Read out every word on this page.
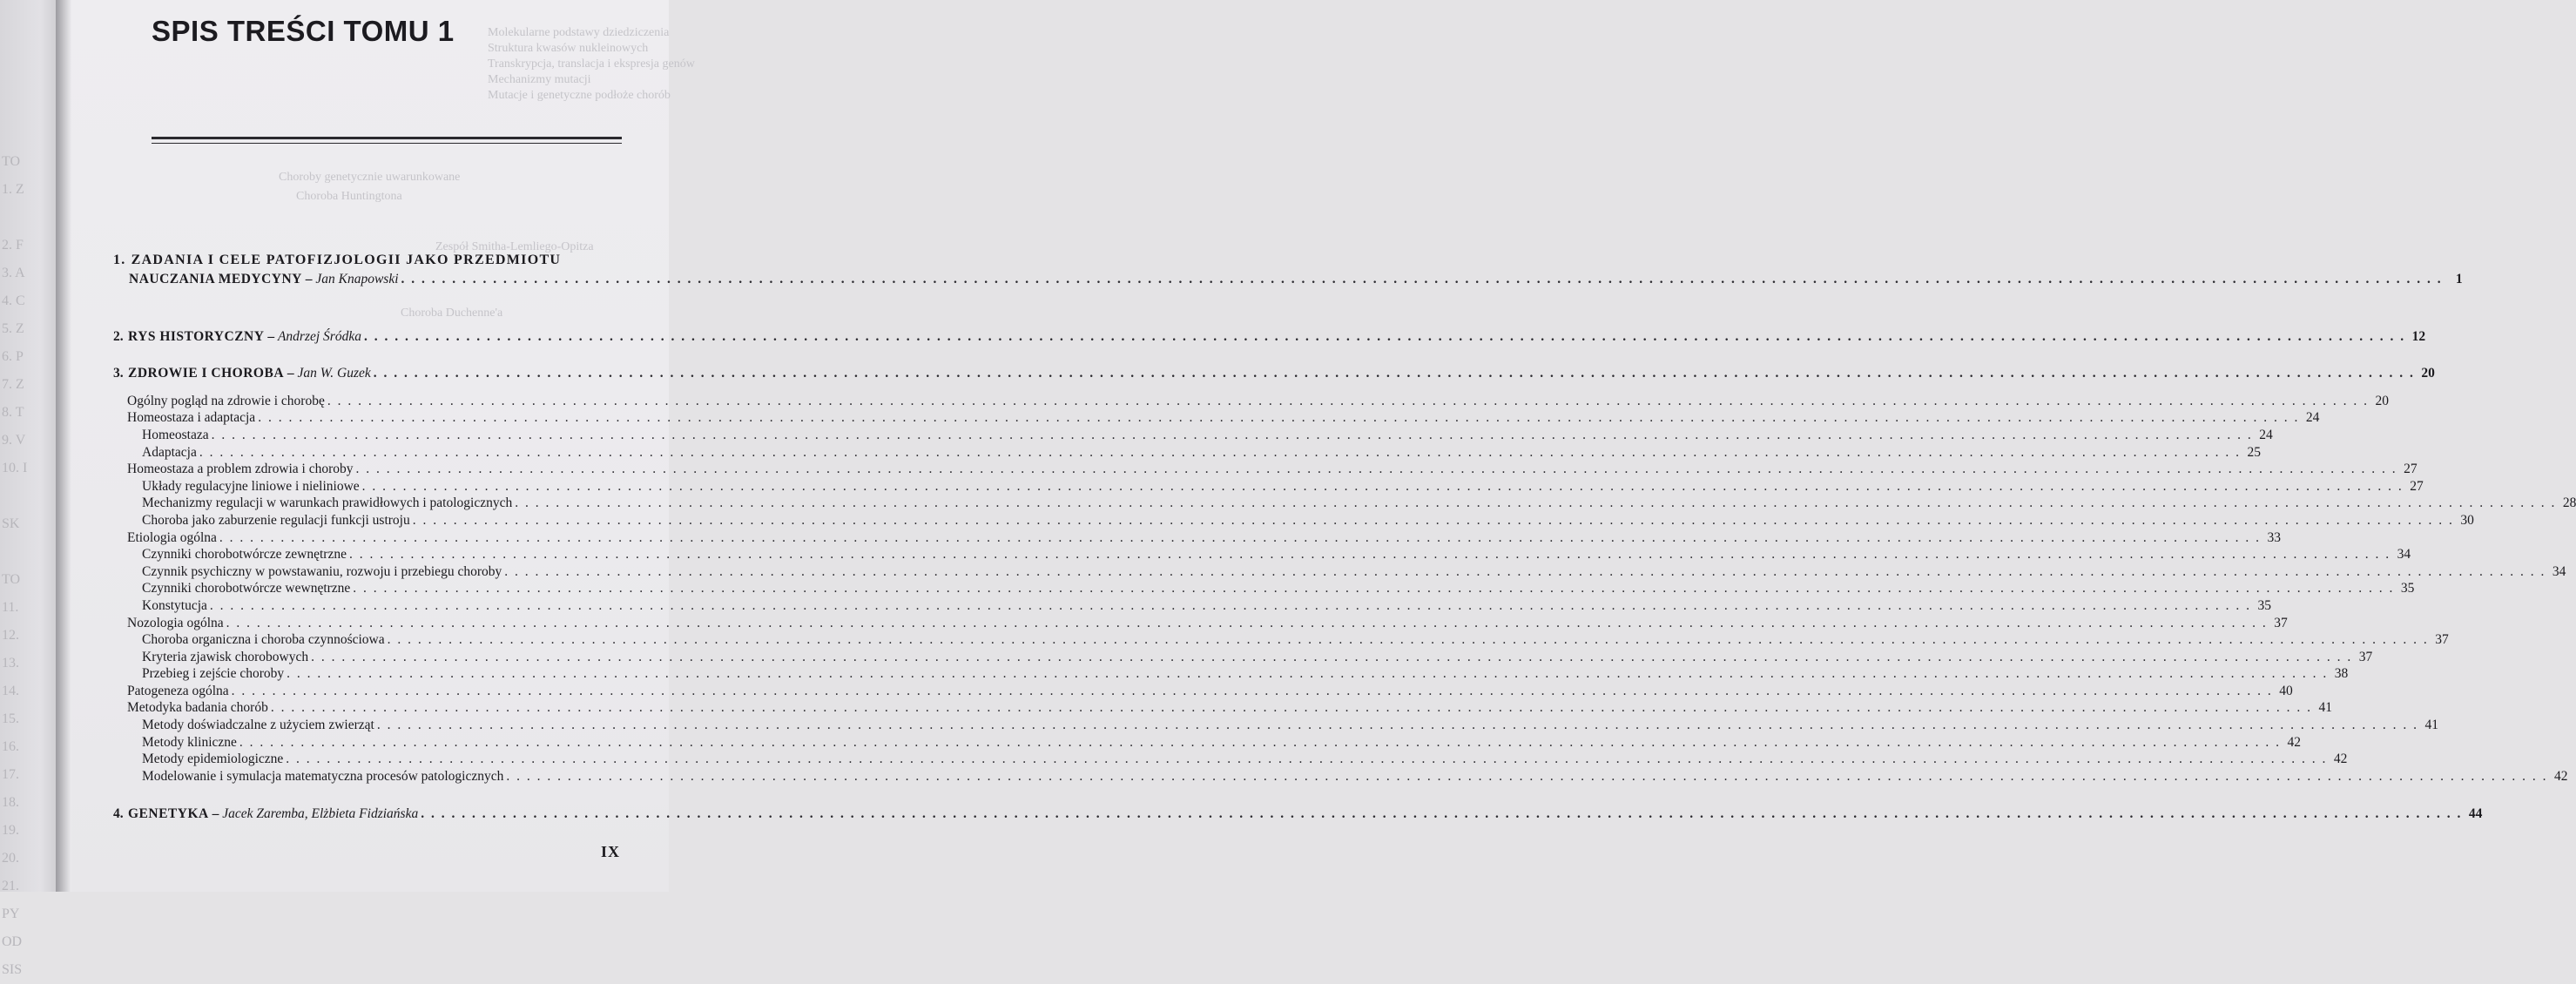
TO
1. Z
2. F
3. A
4. C
5. Z
6. P
7. Z
8. T
9. V
10. I
SK
TO
11.
12.
13.
14.
15.
16.
17.
18.
19.
20.
21.
PY
OD
SIS
Molekularne podstawy dziedziczenia
Struktura kwasów nukleinowych
Transkrypcja, translacja i ekspresja genów
Mechanizmy mutacji
Mutacje i genetyczne podłoże chorób
Choroby genetycznie uwarunkowane
Choroba Huntingtona
Zespół Smitha-Lemliego-Opitza
Choroba Duchenne'a
SPIS TREŚCI TOMU 1
1. ZADANIA I CELE PATOFIZJOLOGII JAKO PRZEDMIOTU
NAUCZANIA MEDYCYNY – Jan Knapowski . . . . . . . . . . . . . . . . . . . . . . . . . . . . . . . . . . . . . . . . . . . . . . . . . . . . . . . . . . . . . . . . . . . . . . . . . . . . . . . . . . . . . . . . . . . . . . . . . . . . . . . . . . . . . . . . . . . . . . . . . . . . . . . . . . . . . . . . . . . . . . . . . . . . . . . . . . . . . . . . . . . . . . . . . . . . . . . . . . . . . . . . . . . . . . . . . . . . . . . . 1
2. RYS HISTORYCZNY – Andrzej Śródka . . . . . . . . . . . . . . . . . . . . . . . . . . . . . . . . . . . . . . . . . . . . . . . . . . . . . . . . . . . . . . . . . . . . . . . . . . . . . . . . . . . . . . . . . . . . . . . . . . . . . . . . . . . . . . . . . . . . . . . . . . . . . . . . . . . . . . . . . . . . . . . . . . . . . . . . . . . . . . . . . . . . . . . . . . . . . . . . . . . . . . . . . . . . . . . . . . . . . . . . 12
3. ZDROWIE I CHOROBA – Jan W. Guzek . . . . . . . . . . . . . . . . . . . . . . . . . . . . . . . . . . . . . . . . . . . . . . . . . . . . . . . . . . . . . . . . . . . . . . . . . . . . . . . . . . . . . . . . . . . . . . . . . . . . . . . . . . . . . . . . . . . . . . . . . . . . . . . . . . . . . . . . . . . . . . . . . . . . . . . . . . . . . . . . . . . . . . . . . . . . . . . . . . . . . . . . . . . . . . . . . . . . . . . . 20
Ogólny pogląd na zdrowie i chorobę . . . . . . . . . . . . . . . . . . . . . . . . . . . . . . . . . . . . . . . . . . . . . . . . . . . . . . . . . . . . . . . . . . . . . . . . . . . . . . . . . . . . . . . . . . . . . . . . . . . . . . . . . . . . . . . . . . . . . . . . . . . . . . . . . . . . . . . . . . . . . . . . . . . . . . . . . . . . . . . . . . . . . . . . . . . . . . . . . . . . . . . . . . . . . . . . . . . . . . . . 20
Homeostaza i adaptacja . . . . . . . . . . . . . . . . . . . . . . . . . . . . . . . . . . . . . . . . . . . . . . . . . . . . . . . . . . . . . . . . . . . . . . . . . . . . . . . . . . . . . . . . . . . . . . . . . . . . . . . . . . . . . . . . . . . . . . . . . . . . . . . . . . . . . . . . . . . . . . . . . . . . . . . . . . . . . . . . . . . . . . . . . . . . . . . . . . . . . . . . . . . . . . . . . . . . . . . . 24
Homeostaza . . . . . . . . . . . . . . . . . . . . . . . . . . . . . . . . . . . . . . . . . . . . . . . . . . . . . . . . . . . . . . . . . . . . . . . . . . . . . . . . . . . . . . . . . . . . . . . . . . . . . . . . . . . . . . . . . . . . . . . . . . . . . . . . . . . . . . . . . . . . . . . . . . . . . . . . . . . . . . . . . . . . . . . . . . . . . . . . . . . . . . . . . . . . . . . . . . . . . . . . 24
Adaptacja . . . . . . . . . . . . . . . . . . . . . . . . . . . . . . . . . . . . . . . . . . . . . . . . . . . . . . . . . . . . . . . . . . . . . . . . . . . . . . . . . . . . . . . . . . . . . . . . . . . . . . . . . . . . . . . . . . . . . . . . . . . . . . . . . . . . . . . . . . . . . . . . . . . . . . . . . . . . . . . . . . . . . . . . . . . . . . . . . . . . . . . . . . . . . . . . . . . . . . . . 25
Homeostaza a problem zdrowia i choroby . . . . . . . . . . . . . . . . . . . . . . . . . . . . . . . . . . . . . . . . . . . . . . . . . . . . . . . . . . . . . . . . . . . . . . . . . . . . . . . . . . . . . . . . . . . . . . . . . . . . . . . . . . . . . . . . . . . . . . . . . . . . . . . . . . . . . . . . . . . . . . . . . . . . . . . . . . . . . . . . . . . . . . . . . . . . . . . . . . . . . . . . . . . . . . . . . . . . . . . . 27
Układy regulacyjne liniowe i nieliniowe . . . . . . . . . . . . . . . . . . . . . . . . . . . . . . . . . . . . . . . . . . . . . . . . . . . . . . . . . . . . . . . . . . . . . . . . . . . . . . . . . . . . . . . . . . . . . . . . . . . . . . . . . . . . . . . . . . . . . . . . . . . . . . . . . . . . . . . . . . . . . . . . . . . . . . . . . . . . . . . . . . . . . . . . . . . . . . . . . . . . . . . . . . . . . . . . . . . . . . . . 27
Mechanizmy regulacji w warunkach prawidłowych i patologicznych . . . . . . . . . . . . . . . . . . . . . . . . . . . . . . . . . . . . . . . . . . . . . . . . . . . . . . . . . . . . . . . . . . . . . . . . . . . . . . . . . . . . . . . . . . . . . . . . . . . . . . . . . . . . . . . . . . . . . . . . . . . . . . . . . . . . . . . . . . . . . . . . . . . . . . . . . . . . . . . . . . . . . . . . . . . . . . . . . . . . . . . . . . . . . . . . . . . . . . . . 28
Choroba jako zaburzenie regulacji funkcji ustroju . . . . . . . . . . . . . . . . . . . . . . . . . . . . . . . . . . . . . . . . . . . . . . . . . . . . . . . . . . . . . . . . . . . . . . . . . . . . . . . . . . . . . . . . . . . . . . . . . . . . . . . . . . . . . . . . . . . . . . . . . . . . . . . . . . . . . . . . . . . . . . . . . . . . . . . . . . . . . . . . . . . . . . . . . . . . . . . . . . . . . . . . . . . . . . . . . . . . . . . . 30
Etiologia ogólna . . . . . . . . . . . . . . . . . . . . . . . . . . . . . . . . . . . . . . . . . . . . . . . . . . . . . . . . . . . . . . . . . . . . . . . . . . . . . . . . . . . . . . . . . . . . . . . . . . . . . . . . . . . . . . . . . . . . . . . . . . . . . . . . . . . . . . . . . . . . . . . . . . . . . . . . . . . . . . . . . . . . . . . . . . . . . . . . . . . . . . . . . . . . . . . . . . . . . . . . 33
Czynniki chorobotwórcze zewnętrzne . . . . . . . . . . . . . . . . . . . . . . . . . . . . . . . . . . . . . . . . . . . . . . . . . . . . . . . . . . . . . . . . . . . . . . . . . . . . . . . . . . . . . . . . . . . . . . . . . . . . . . . . . . . . . . . . . . . . . . . . . . . . . . . . . . . . . . . . . . . . . . . . . . . . . . . . . . . . . . . . . . . . . . . . . . . . . . . . . . . . . . . . . . . . . . . . . . . . . . . . 34
Czynnik psychiczny w powstawaniu, rozwoju i przebiegu choroby . . . . . . . . . . . . . . . . . . . . . . . . . . . . . . . . . . . . . . . . . . . . . . . . . . . . . . . . . . . . . . . . . . . . . . . . . . . . . . . . . . . . . . . . . . . . . . . . . . . . . . . . . . . . . . . . . . . . . . . . . . . . . . . . . . . . . . . . . . . . . . . . . . . . . . . . . . . . . . . . . . . . . . . . . . . . . . . . . . . . . . . . . . . . . . . . . . . . . . . . 34
Czynniki chorobotwórcze wewnętrzne . . . . . . . . . . . . . . . . . . . . . . . . . . . . . . . . . . . . . . . . . . . . . . . . . . . . . . . . . . . . . . . . . . . . . . . . . . . . . . . . . . . . . . . . . . . . . . . . . . . . . . . . . . . . . . . . . . . . . . . . . . . . . . . . . . . . . . . . . . . . . . . . . . . . . . . . . . . . . . . . . . . . . . . . . . . . . . . . . . . . . . . . . . . . . . . . . . . . . . . . 35
Konstytucja . . . . . . . . . . . . . . . . . . . . . . . . . . . . . . . . . . . . . . . . . . . . . . . . . . . . . . . . . . . . . . . . . . . . . . . . . . . . . . . . . . . . . . . . . . . . . . . . . . . . . . . . . . . . . . . . . . . . . . . . . . . . . . . . . . . . . . . . . . . . . . . . . . . . . . . . . . . . . . . . . . . . . . . . . . . . . . . . . . . . . . . . . . . . . . . . . . . . . . . . 35
Nozologia ogólna . . . . . . . . . . . . . . . . . . . . . . . . . . . . . . . . . . . . . . . . . . . . . . . . . . . . . . . . . . . . . . . . . . . . . . . . . . . . . . . . . . . . . . . . . . . . . . . . . . . . . . . . . . . . . . . . . . . . . . . . . . . . . . . . . . . . . . . . . . . . . . . . . . . . . . . . . . . . . . . . . . . . . . . . . . . . . . . . . . . . . . . . . . . . . . . . . . . . . . . . 37
Choroba organiczna i choroba czynnościowa . . . . . . . . . . . . . . . . . . . . . . . . . . . . . . . . . . . . . . . . . . . . . . . . . . . . . . . . . . . . . . . . . . . . . . . . . . . . . . . . . . . . . . . . . . . . . . . . . . . . . . . . . . . . . . . . . . . . . . . . . . . . . . . . . . . . . . . . . . . . . . . . . . . . . . . . . . . . . . . . . . . . . . . . . . . . . . . . . . . . . . . . . . . . . . . . . . . . . . . . 37
Kryteria zjawisk chorobowych . . . . . . . . . . . . . . . . . . . . . . . . . . . . . . . . . . . . . . . . . . . . . . . . . . . . . . . . . . . . . . . . . . . . . . . . . . . . . . . . . . . . . . . . . . . . . . . . . . . . . . . . . . . . . . . . . . . . . . . . . . . . . . . . . . . . . . . . . . . . . . . . . . . . . . . . . . . . . . . . . . . . . . . . . . . . . . . . . . . . . . . . . . . . . . . . . . . . . . . . 37
Przebieg i zejście choroby . . . . . . . . . . . . . . . . . . . . . . . . . . . . . . . . . . . . . . . . . . . . . . . . . . . . . . . . . . . . . . . . . . . . . . . . . . . . . . . . . . . . . . . . . . . . . . . . . . . . . . . . . . . . . . . . . . . . . . . . . . . . . . . . . . . . . . . . . . . . . . . . . . . . . . . . . . . . . . . . . . . . . . . . . . . . . . . . . . . . . . . . . . . . . . . . . . . . . . . . 38
Patogeneza ogólna . . . . . . . . . . . . . . . . . . . . . . . . . . . . . . . . . . . . . . . . . . . . . . . . . . . . . . . . . . . . . . . . . . . . . . . . . . . . . . . . . . . . . . . . . . . . . . . . . . . . . . . . . . . . . . . . . . . . . . . . . . . . . . . . . . . . . . . . . . . . . . . . . . . . . . . . . . . . . . . . . . . . . . . . . . . . . . . . . . . . . . . . . . . . . . . . . . . . . . . . 40
Metodyka badania chorób . . . . . . . . . . . . . . . . . . . . . . . . . . . . . . . . . . . . . . . . . . . . . . . . . . . . . . . . . . . . . . . . . . . . . . . . . . . . . . . . . . . . . . . . . . . . . . . . . . . . . . . . . . . . . . . . . . . . . . . . . . . . . . . . . . . . . . . . . . . . . . . . . . . . . . . . . . . . . . . . . . . . . . . . . . . . . . . . . . . . . . . . . . . . . . . . . . . . . . . . 41
Metody doświadczalne z użyciem zwierząt . . . . . . . . . . . . . . . . . . . . . . . . . . . . . . . . . . . . . . . . . . . . . . . . . . . . . . . . . . . . . . . . . . . . . . . . . . . . . . . . . . . . . . . . . . . . . . . . . . . . . . . . . . . . . . . . . . . . . . . . . . . . . . . . . . . . . . . . . . . . . . . . . . . . . . . . . . . . . . . . . . . . . . . . . . . . . . . . . . . . . . . . . . . . . . . . . . . . . . . . 41
Metody kliniczne . . . . . . . . . . . . . . . . . . . . . . . . . . . . . . . . . . . . . . . . . . . . . . . . . . . . . . . . . . . . . . . . . . . . . . . . . . . . . . . . . . . . . . . . . . . . . . . . . . . . . . . . . . . . . . . . . . . . . . . . . . . . . . . . . . . . . . . . . . . . . . . . . . . . . . . . . . . . . . . . . . . . . . . . . . . . . . . . . . . . . . . . . . . . . . . . . . . . . . . . 42
Metody epidemiologiczne . . . . . . . . . . . . . . . . . . . . . . . . . . . . . . . . . . . . . . . . . . . . . . . . . . . . . . . . . . . . . . . . . . . . . . . . . . . . . . . . . . . . . . . . . . . . . . . . . . . . . . . . . . . . . . . . . . . . . . . . . . . . . . . . . . . . . . . . . . . . . . . . . . . . . . . . . . . . . . . . . . . . . . . . . . . . . . . . . . . . . . . . . . . . . . . . . . . . . . . . 42
Modelowanie i symulacja matematyczna procesów patologicznych . . . . . . . . . . . . . . . . . . . . . . . . . . . . . . . . . . . . . . . . . . . . . . . . . . . . . . . . . . . . . . . . . . . . . . . . . . . . . . . . . . . . . . . . . . . . . . . . . . . . . . . . . . . . . . . . . . . . . . . . . . . . . . . . . . . . . . . . . . . . . . . . . . . . . . . . . . . . . . . . . . . . . . . . . . . . . . . . . . . . . . . . . . . . . . . . . . . . . . . . 42
4. GENETYKA – Jacek Zaremba, Elżbieta Fidziańska . . . . . . . . . . . . . . . . . . . . . . . . . . . . . . . . . . . . . . . . . . . . . . . . . . . . . . . . . . . . . . . . . . . . . . . . . . . . . . . . . . . . . . . . . . . . . . . . . . . . . . . . . . . . . . . . . . . . . . . . . . . . . . . . . . . . . . . . . . . . . . . . . . . . . . . . . . . . . . . . . . . . . . . . . . . . . . . . . . . . . . . . . . . . . . . . . . . . . . . . 44
IX
